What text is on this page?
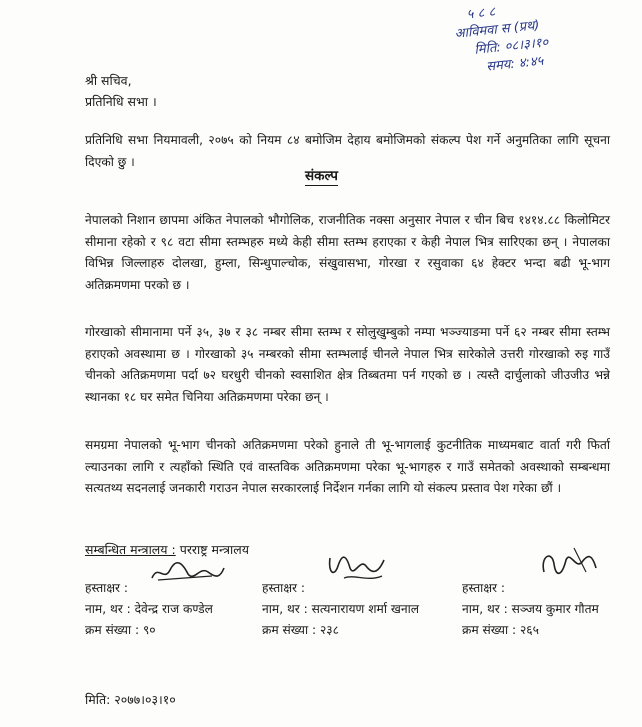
५ ८ ८
आविमवा स (प्रथ)
मिति: ०८।३।१०
समय: ४:४५
श्री सचिव,
प्रतिनिधि सभा ।
प्रतिनिधि सभा नियमावली, २०७५ को नियम ८४ बमोजिम देहाय बमोजिमको संकल्प पेश गर्ने अनुमतिका लागि सूचना दिएको छु ।
संकल्प
नेपालको निशान छापमा अंकित नेपालको भौगोलिक, राजनीतिक नक्सा अनुसार नेपाल र चीन बिच १४१४.८८ किलोमिटर सीमाना रहेको र ९८ वटा सीमा स्तम्भहरु मध्ये केही सीमा स्तम्भ हराएका र केही नेपाल भित्र सारिएका छन् । नेपालका विभिन्न जिल्लाहरु दोलखा, हुम्ला, सिन्धुपाल्चोक, संखुवासभा, गोरखा र रसुवाका ६४ हेक्टर भन्दा बढी भू-भाग अतिक्रमणमा परको छ ।
गोरखाको सीमानामा पर्ने ३५, ३७ र ३८ नम्बर सीमा स्तम्भ र सोलुखुम्बुको नम्पा भञ्ज्याङमा पर्ने ६२ नम्बर सीमा स्तम्भ हराएको अवस्थामा छ । गोरखाको ३५ नम्बरको सीमा स्तम्भलाई चीनले नेपाल भित्र सारेकोले उत्तरी गोरखाको रुइ गाउँ चीनको अतिक्रमणमा पर्दा ७२ घरधुरी चीनको स्वसाशित क्षेत्र तिब्बतमा पर्न गएको छ । त्यस्तै दार्चुलाको जीउजीउ भन्ने स्थानका १८ घर समेत चिनिया अतिक्रमणमा परेका छन् ।
समग्रमा नेपालको भू-भाग चीनको अतिक्रमणमा परेको हुनाले ती भू-भागलाई कुटनीतिक माध्यमबाट वार्ता गरी फिर्ता ल्याउनका लागि र त्यहाँको स्थिति एवं वास्तविक अतिक्रमणमा परेका भू-भागहरु र गाउँ समेतको अवस्थाको सम्बन्धमा सत्यतथ्य सदनलाई जनकारी गराउन नेपाल सरकारलाई निर्देशन गर्नका लागि यो संकल्प प्रस्ताव पेश गरेका छौं ।
सम्बन्धित मन्त्रालय : परराष्ट्र मन्त्रालय
हस्ताक्षर :
नाम, थर : देवेन्द्र राज कण्डेल
क्रम संख्या : ९०
हस्ताक्षर :
नाम, थर : सत्यनारायण शर्मा खनाल
क्रम संख्या : २३८
हस्ताक्षर :
नाम, थर : सञ्जय कुमार गौतम
क्रम संख्या : २६५
मिति: २०७७।०३।१०
